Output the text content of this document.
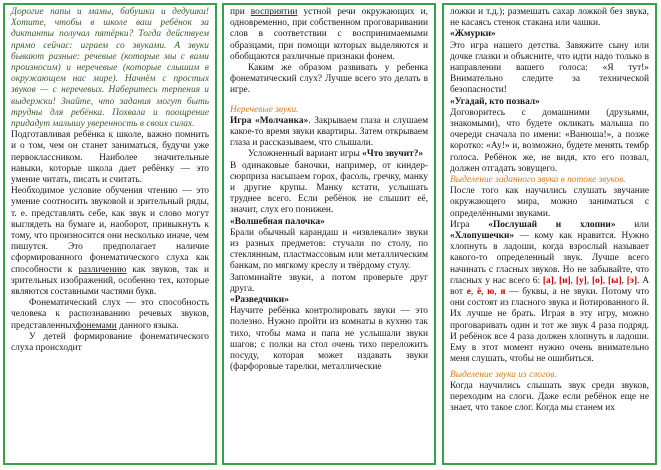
Дорогие папы и мамы, бабушки и дедушки! Хотите, чтобы в школе ваш ребёнок за диктанты получал пятёрки? Тогда действуем прямо сейчас: играем со звуками. А звуки бывают разные: речевые (которые мы с вами произносим) и неречевые (которые слышим в окружающем нас мире). Начнём с простых звуков — с неречевых. Наберитесь терпения и выдержки! Знайте, что задания могут быть трудны для ребёнка. Похвала и поощрение придадут малышу уверенность в своих силах.

Подготавливая ребёнка к школе, важно помнить и о том, чем он станет заниматься, будучи уже первоклассником. Наиболее значительные навыки, которые школа дает ребёнку — это умение читать, писать и считать.

Необходимое условие обучения чтению — это умение соотносить звуковой и зрительный ряды, т. е. представлять себе, как звук и слово могут выглядеть на бумаге и, наоборот, привыкнуть к тому, что произносится они несколько иначе, чем пишутся. Это предполагает наличие сформированного фонематического слуха как способности к различению как звуков, так и зрительных изображений, особенно тех, которые являются составными частями букв.

Фонематический слух — это способность человека к распознаванию речевых звуков, представленныхфонемами данного языка.

У детей формирование фонематического слуха происходит

при восприятии устной речи окружающих и, одновременно, при собственном проговаривании слов в соответствии с воспринимаемыми образцами, при помощи которых выделяются и обобщаются различные признаки фонем.

Каким же образом развивать у ребенка фонематический слух? Лучше всего это делать в игре.

Неречевые звуки.

Игра «Молчанка». Закрываем глаза и слушаем какое-то время звуки квартиры. Затем открываем глаза и рассказываем, что слышали.

Усложненный вариант игры «Что звучит?»

В одинаковые баночки, например, от киндер-сюрприза насыпаем горох, фасоль, гречку, манку и другие крупы. Манку кстати, услышать труднее всего. Если ребёнок не слышит её, значит, слух его понижен.

«Волшебная палочка»

Брали обычный карандаш и «извлекали» звуки из разных предметов: стучали по столу, по стеклянным, пластмассовым или металлическим банкам, по мягкому креслу и твёрдому стулу.

Запоминайте звуки, а потом проверьте друг друга.

«Разведчики»

Научите ребёнка контролировать звуки — это полезно. Нужно пройти из комнаты в кухню так тихо, чтобы мама и папа не услышали звуки шагов; с полки на стол очень тихо переложить посуду, которая может издавать звуки (фарфоровые тарелки, металлические

ложки и т.д.); размешать сахар ложкой без звука, не касаясь стенок стакана или чашки.

«Жмурки»

Это игра нашего детства. Завяжите сыну или дочке глазки и объясните, что идти надо только в направлении вашего голоса: «Я тут!» Внимательно следите за технической безопасности!

«Угадай, кто позвал»

Договоритесь с домашними (друзьями, знакомыми), что будете окликать малыша по очереди сначала по имени: «Ванюша!», а позже коротко: «Ау!» и, возможно, будете менять тембр голоса. Ребёнок же, не видя, кто его позвал, должен отгадать зовущего.

Выделение заданного звука в потоке звуков.

После того как научились слушать звучание окружающего мира, можно заниматься с определёнными звуками.

Игра «Послушай и хлопни» или «Хлопушечки» — кому как нравится. Нужно хлопнуть в ладоши, когда взрослый называет какого-то определенный звук. Лучше всего начинать с гласных звуков. Но не забывайте, что гласных у нас всего 6: [а], [и], [у], [о], [ы], [э]. А вот е, ё, ю, я — буквы, а не звуки. Потому что они состоят из гласного звука и йотированного й. Их лучше не брать. Играя в эту игру, можно проговаривать один и тот же звук 4 раза подряд. И ребёнок все 4 раза должен хлопнуть в ладоши. Ему в этот момент нужно очень внимательно меня слушать, чтобы не ошибиться.

Выделение звука из слогов.

Когда научились слышать звук среди звуков, переходим на слоги. Даже если ребёнок еще не знает, что такое слог. Когда мы станем их
